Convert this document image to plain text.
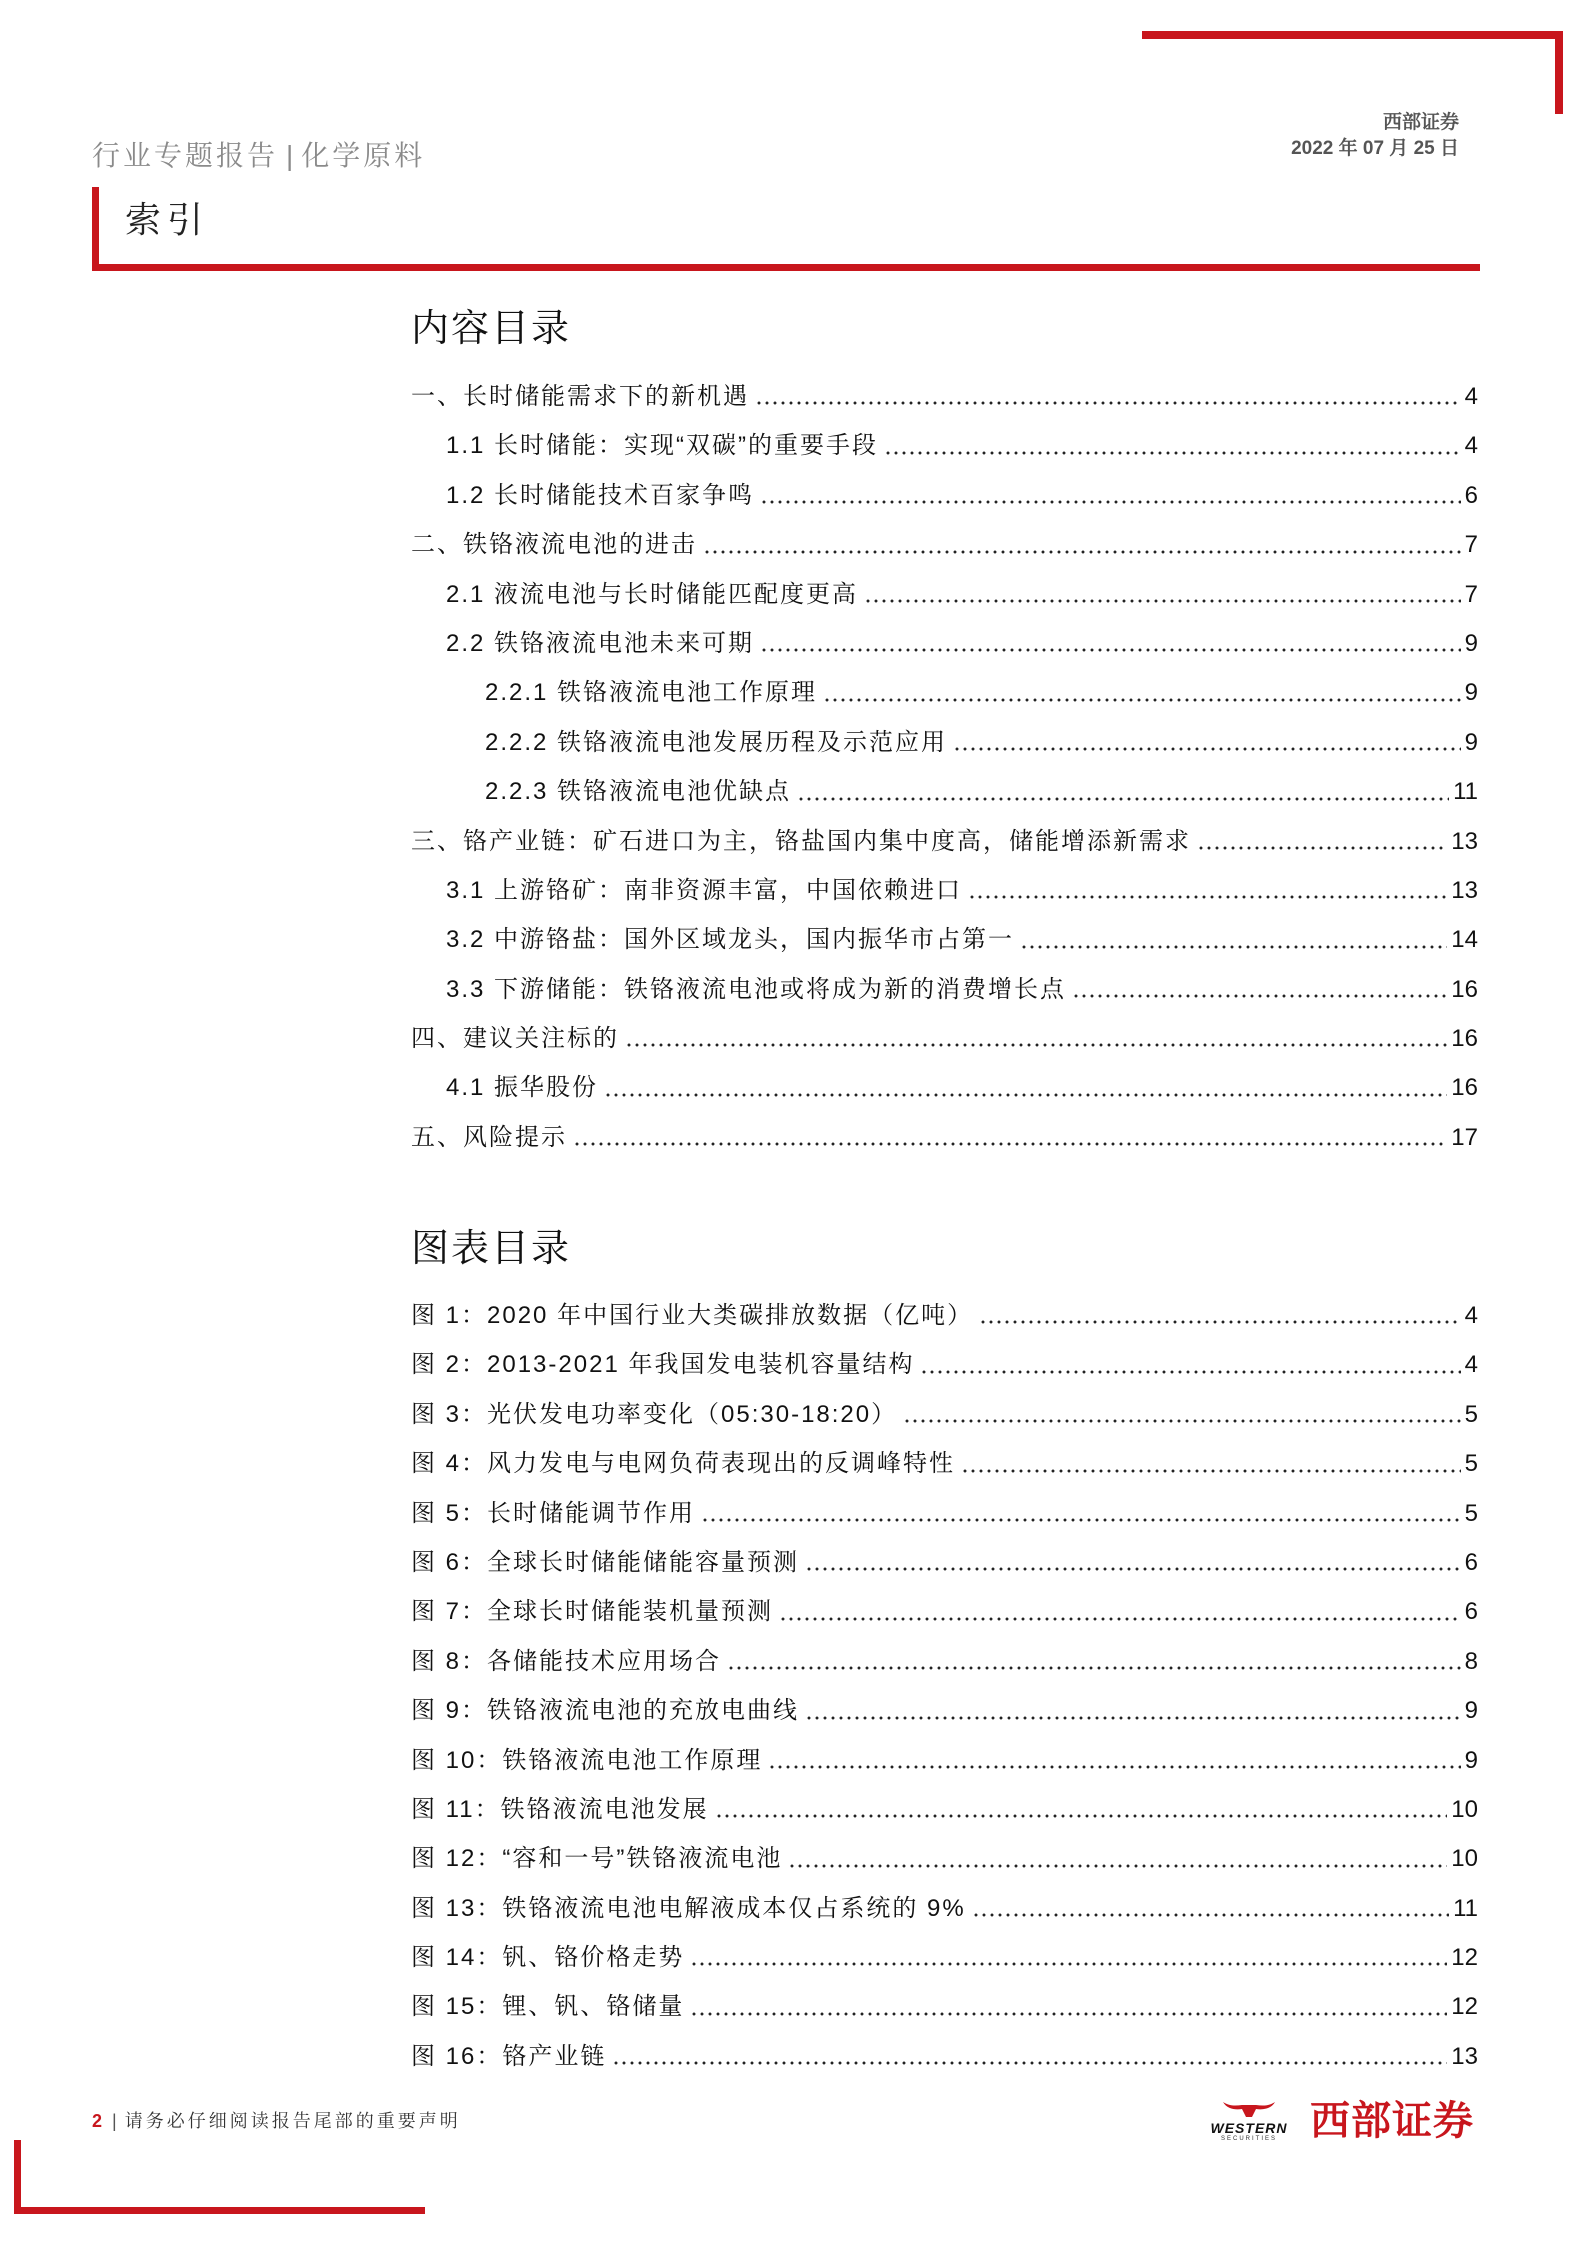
西部证券
2022 年 07 月 25 日
行业专题报告 | 化学原料
索引
内容目录
一、长时储能需求下的新机遇	4
1.1 长时储能：实现“双碳”的重要手段	4
1.2 长时储能技术百家争鸣	6
二、铁铬液流电池的进击	7
2.1 液流电池与长时储能匹配度更高	7
2.2 铁铬液流电池未来可期	9
2.2.1 铁铬液流电池工作原理	9
2.2.2 铁铬液流电池发展历程及示范应用	9
2.2.3 铁铬液流电池优缺点	11
三、铬产业链：矿石进口为主，铬盐国内集中度高，储能增添新需求	13
3.1 上游铬矿：南非资源丰富，中国依赖进口	13
3.2 中游铬盐：国外区域龙头，国内振华市占第一	14
3.3 下游储能：铁铬液流电池或将成为新的消费增长点	16
四、建议关注标的	16
4.1 振华股份	16
五、风险提示	17
图表目录
图 1：2020 年中国行业大类碳排放数据（亿吨）	4
图 2：2013-2021 年我国发电装机容量结构	4
图 3：光伏发电功率变化（05:30-18:20）	5
图 4：风力发电与电网负荷表现出的反调峰特性	5
图 5：长时储能调节作用	5
图 6：全球长时储能储能容量预测	6
图 7：全球长时储能装机量预测	6
图 8：各储能技术应用场合	8
图 9：铁铬液流电池的充放电曲线	9
图 10：铁铬液流电池工作原理	9
图 11：铁铬液流电池发展	10
图 12：“容和一号”铁铬液流电池	10
图 13：铁铬液流电池电解液成本仅占系统的 9%	11
图 14：钒、铬价格走势	12
图 15：锂、钒、铬储量	12
图 16：铬产业链	13
2 | 请务必仔细阅读报告尾部的重要声明	WESTERN
SECURITIES 西部证券
